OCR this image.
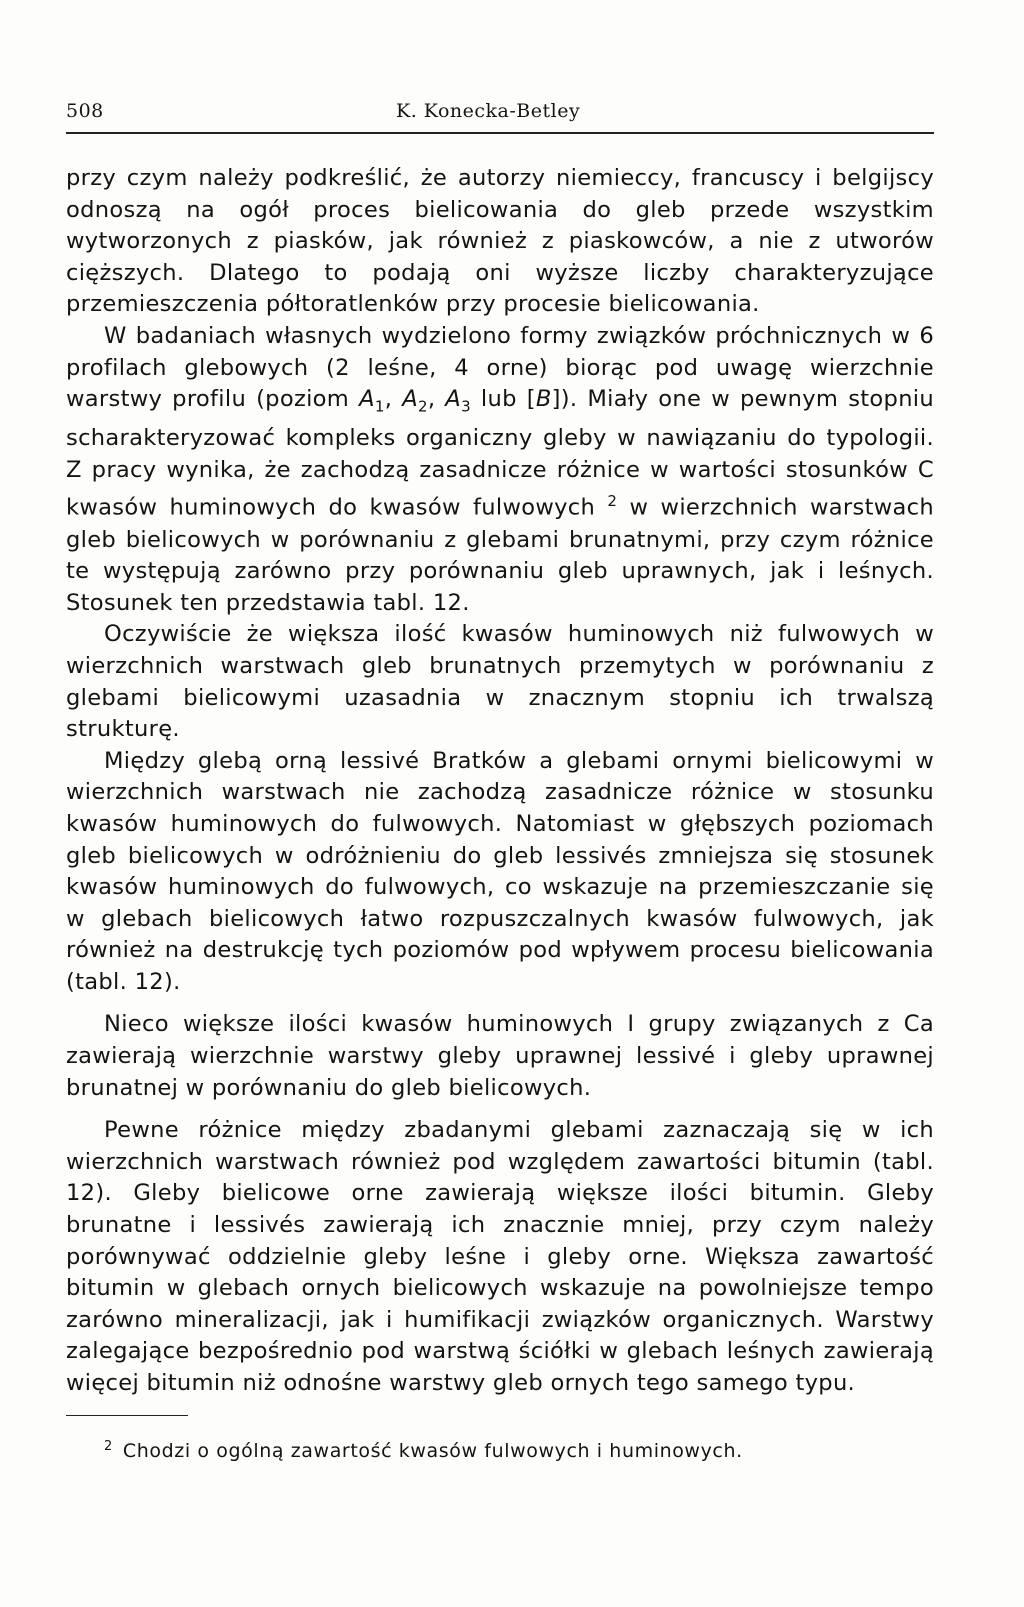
508	K. Konecka-Betley

przy czym należy podkreślić, że autorzy niemieccy, francuscy i belgijscy odnoszą na ogół proces bielicowania do gleb przede wszystkim wytworzonych z piasków, jak również z piaskowców, a nie z utworów cięższych. Dlatego to podają oni wyższe liczby charakteryzujące przemieszczenia półtoratlenków przy procesie bielicowania.

W badaniach własnych wydzielono formy związków próchnicznych w 6 profilach glebowych (2 leśne, 4 orne) biorąc pod uwagę wierzchnie warstwy profilu (poziom $A_1$, $A_2$, $A_3$ lub [B]). Miały one w pewnym stopniu scharakteryzować kompleks organiczny gleby w nawiązaniu do typologii. Z pracy wynika, że zachodzą zasadnicze różnice w wartości stosunków C kwasów huminowych do kwasów fulwowych $^2$ w wierzchnich warstwach gleb bielicowych w porównaniu z glebami brunatnymi, przy czym różnice te występują zarówno przy porównaniu gleb uprawnych, jak i leśnych. Stosunek ten przedstawia tabl. 12.

Oczywiście że większa ilość kwasów huminowych niż fulwowych w wierzchnich warstwach gleb brunatnych przemytych w porównaniu z glebami bielicowymi uzasadnia w znacznym stopniu ich trwalszą strukturę.

Między glebą orną lessivé Bratków a glebami ornymi bielicowymi w wierzchnich warstwach nie zachodzą zasadnicze różnice w stosunku kwasów huminowych do fulwowych. Natomiast w głębszych poziomach gleb bielicowych w odróżnieniu do gleb lessivés zmniejsza się stosunek kwasów huminowych do fulwowych, co wskazuje na przemieszczanie się w glebach bielicowych łatwo rozpuszczalnych kwasów fulwowych, jak również na destrukcję tych poziomów pod wpływem procesu bielicowania (tabl. 12).

Nieco większe ilości kwasów huminowych I grupy związanych z Ca zawierają wierzchnie warstwy gleby uprawnej lessivé i gleby uprawnej brunatnej w porównaniu do gleb bielicowych.

Pewne różnice między zbadanymi glebami zaznaczają się w ich wierzchnich warstwach również pod względem zawartości bitumin (tabl. 12). Gleby bielicowe orne zawierają większe ilości bitumin. Gleby brunatne i lessivés zawierają ich znacznie mniej, przy czym należy porównywać oddzielnie gleby leśne i gleby orne. Większa zawartość bitumin w glebach ornych bielicowych wskazuje na powolniejsze tempo zarówno mineralizacji, jak i humifikacji związków organicznych. Warstwy zalegające bezpośrednio pod warstwą ściółki w glebach leśnych zawierają więcej bitumin niż odnośne warstwy gleb ornych tego samego typu.

$^2$ Chodzi o ogólną zawartość kwasów fulwowych i huminowych.
